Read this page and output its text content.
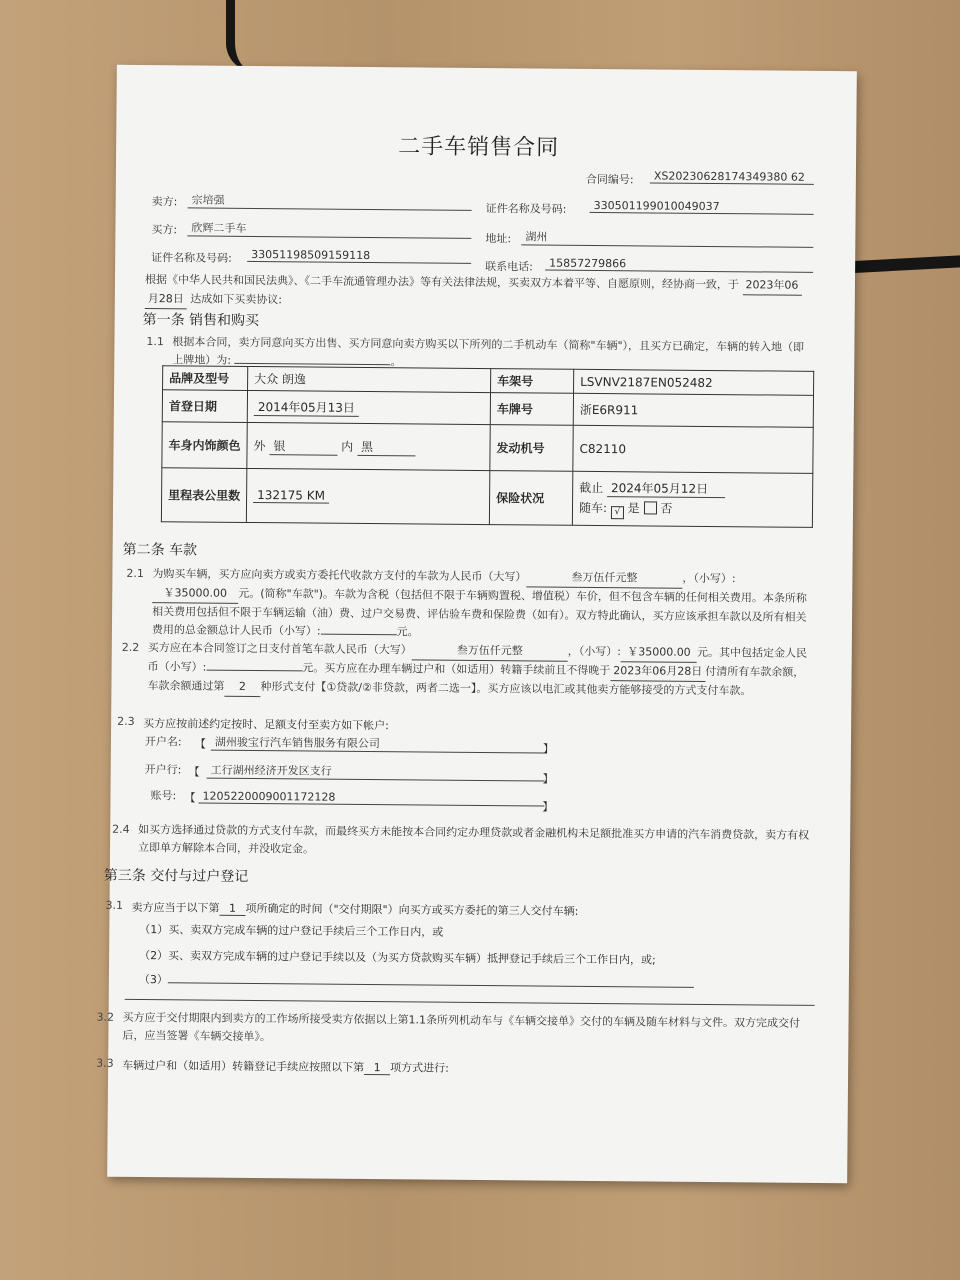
二手车销售合同
合同编号:	XS20230628174349380 62
卖方:	宗培强
证件名称及号码:	330501199010049037
买方:	欣辉二手车
地址:	湖州
证件名称及号码:	33051198509159118
联系电话:	15857279866
根据《中华人民共和国民法典》、《二手车流通管理办法》等有关法律法规，买卖双方本着平等、自愿原则，经协商一致，于 2023年06 月28日 达成如下买卖协议:
第一条 销售和购买
1.1 根据本合同，卖方同意向买方出售、买方同意向卖方购买以下所列的二手机动车（简称"车辆"），且买方已确定，车辆的转入地（即上牌地）为:	。
品牌及型号	大众 朗逸	车架号	LSVNV2187EN052482
首登日期	2014年05月13日	车牌号	浙E6R911
车身内饰颜色	外 银 内 黑	发动机号	C82110
里程表公里数	132175 KM	保险状况	截止 2024年05月12日
随车: √ 是 否
第二条 车款
2.1 为购买车辆，买方应向卖方或卖方委托代收款方支付的车款为人民币（大写）	叁万伍仟元整	，（小写）:￥35000.00 元。(简称"车款")。车款为含税（包括但不限于车辆购置税、增值税）车价，但不包含车辆的任何相关费用。本条所称相关费用包括但不限于车辆运输（油）费、过户交易费、评估验车费和保险费（如有）。双方特此确认，买方应该承担车款以及所有相关费用的总金额总计人民币（小写）:	元。
2.2 买方应在本合同签订之日支付首笔车款人民币（大写）	叁万伍仟元整	，（小写）: ￥35000.00 元。其中包括定金人民币（小写）:	元。买方应在办理车辆过户和（如适用）转籍手续前且不得晚于 2023年06月28日 付清所有车款余额，车款余额通过第 2 种形式支付【①贷款/②非贷款，两者二选一】。买方应该以电汇或其他卖方能够接受的方式支付车款。
2.3 买方应按前述约定按时、足额支付至卖方如下帐户:
开户名: 【 湖州骏宝行汽车销售服务有限公司	】
开户行: 【 工行湖州经济开发区支行
】
账号: 【 1205220009001172128
】
2.4 如买方选择通过贷款的方式支付车款，而最终买方未能按本合同约定办理贷款或者金融机构未足额批准买方申请的汽车消费贷款，卖方有权立即单方解除本合同，并没收定金。
第三条 交付与过户登记
3.1 卖方应当于以下第 1 项所确定的时间（"交付期限"）向买方或买方委托的第三人交付车辆:
（1）买、卖双方完成车辆的过户登记手续后三个工作日内，或
（2）买、卖双方完成车辆的过户登记手续以及（为买方贷款购买车辆）抵押登记手续后三个工作日内，或;
（3）
3.2 买方应于交付期限内到卖方的工作场所接受卖方依据以上第1.1条所列机动车与《车辆交接单》交付的车辆及随车材料与文件。双方完成交付后，应当签署《车辆交接单》。
3.3 车辆过户和（如适用）转籍登记手续应按照以下第 1 项方式进行:
